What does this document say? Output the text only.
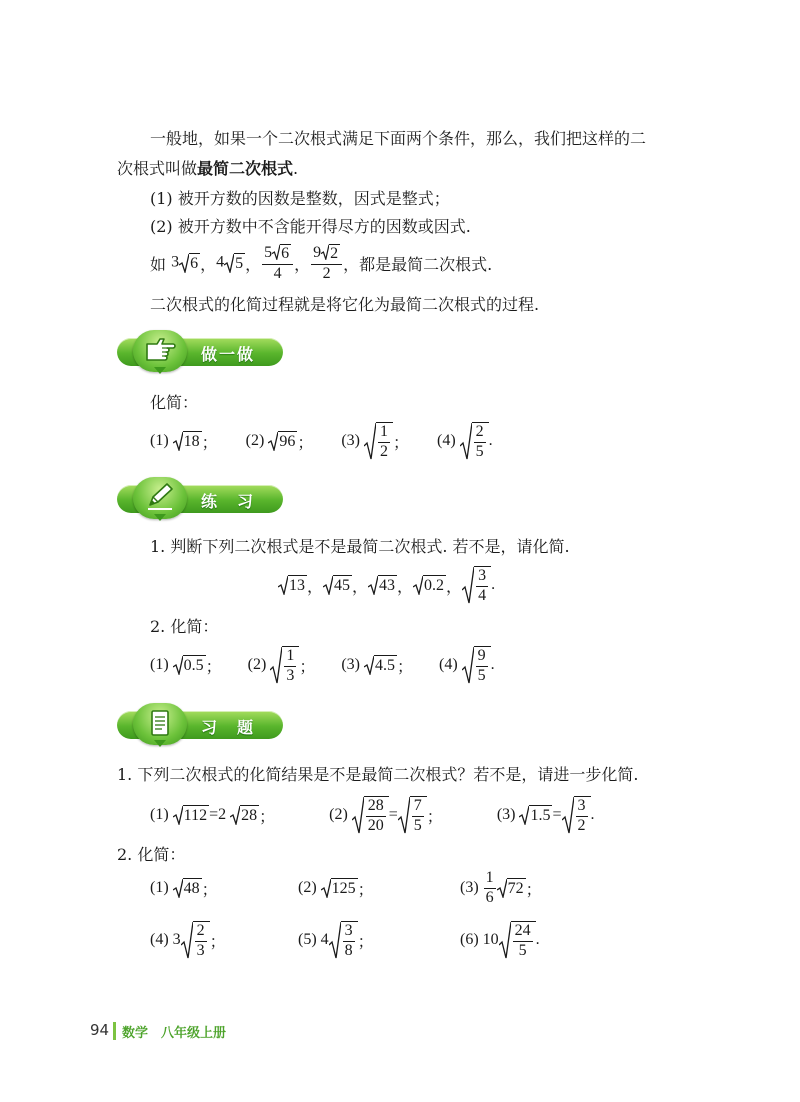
一般地，如果一个二次根式满足下面两个条件，那么，我们把这样的二
次根式叫做最简二次根式.
(1) 被开方数的因数是整数，因式是整式；
(2) 被开方数中不含能开得尽方的因数或因式.
如
3 6 ， 4 5 ， $\frac{5 6}{4}$ ， $\frac{9 2}{2}$ ，都是最简二次根式.
二次根式的化简过程就是将它化为最简二次根式的过程.
做一做
化简：
(1)
18 ； (2)
96 ； (3)
$\frac{1}{2}$ ； (4)
$\frac{2}{5}$ .
练　习
1. 判断下列二次根式是不是最简二次根式. 若不是，请化简.
13 ， 45 ， 43 ， 0.2 ， $\frac{3}{4}$ .
2. 化简：
(1)
0.5 ； (2)
$\frac{1}{3}$ ； (3)
4.5 ； (4)
$\frac{9}{5}$ .
习　题
1. 下列二次根式的化简结果是不是最简二次根式？若不是，请进一步化简.
(1)
112 = 2
28 ；	(2)
$\frac{28}{20} = \frac{7}{5}$ ；	(3)
$1.5 = \frac{3}{2}$ .
2. 化简：
(1)
48 ；	(2)
125 ；	(3)
$\frac{1}{6} 72$ ；
(4)
$3 \frac{2}{3}$ ；	(5)
$4 \frac{3}{8}$ ；	(6)
$10 \frac{24}{5}$ .
94 数学　八年级上册
